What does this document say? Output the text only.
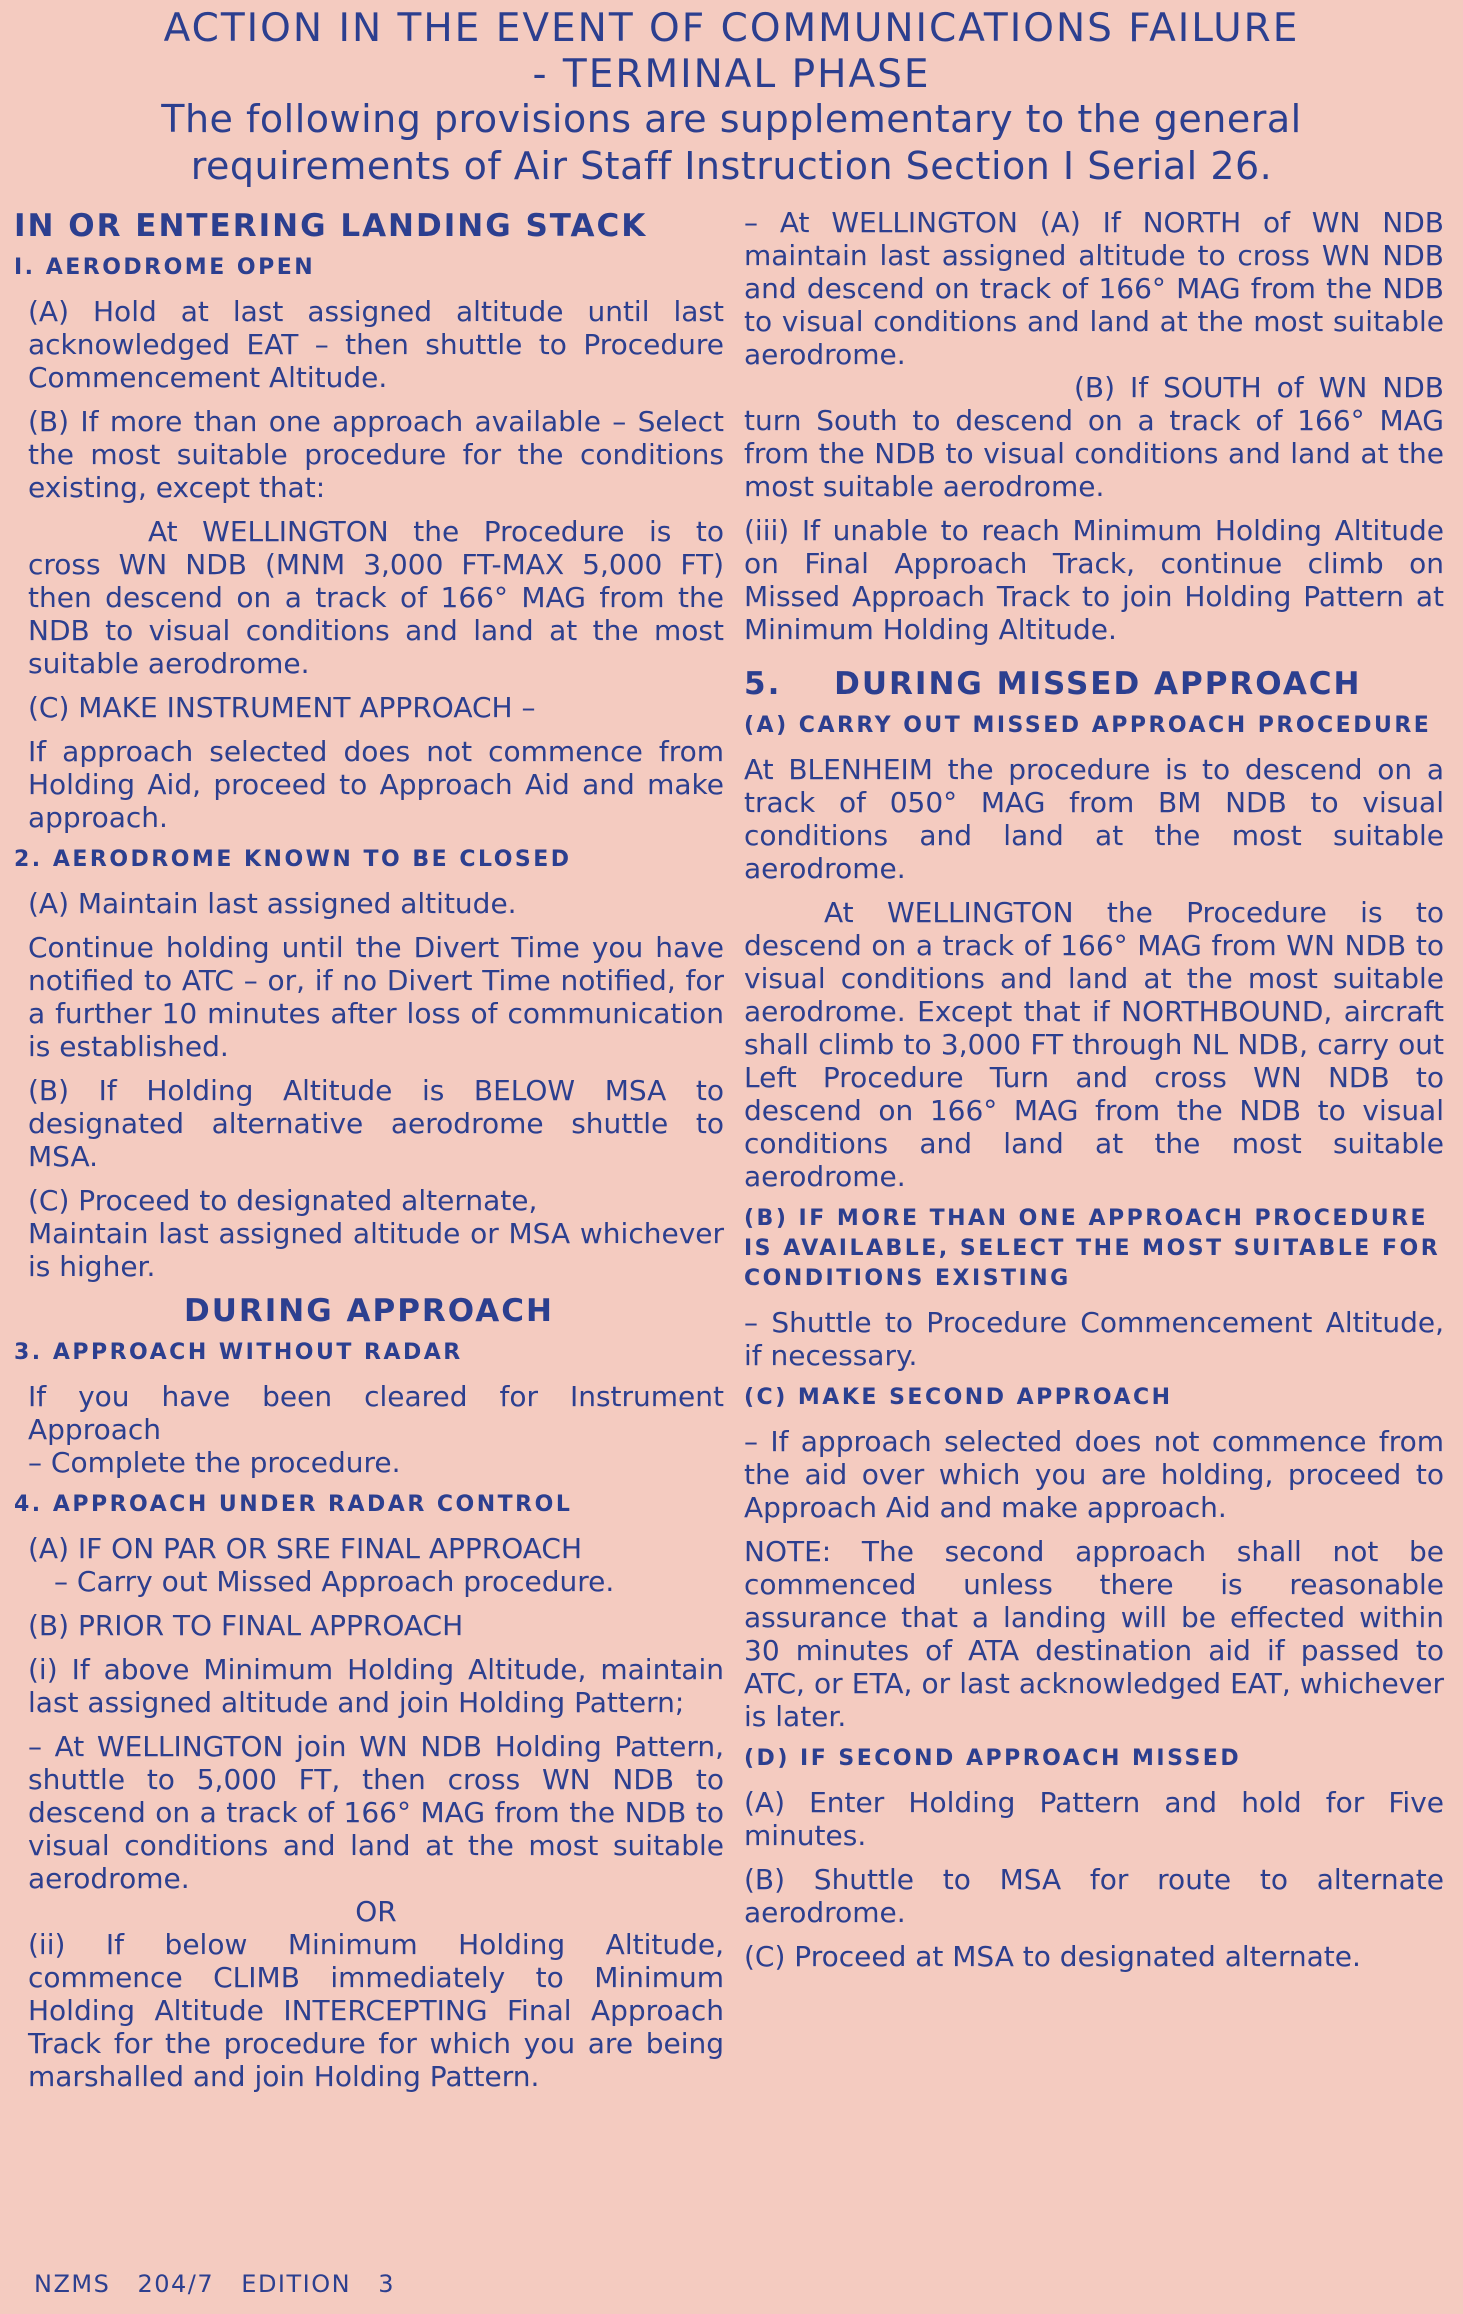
ACTION IN THE EVENT OF COMMUNICATIONS FAILURE
- TERMINAL PHASE
The following provisions are supplementary to the general
requirements of Air Staff Instruction Section I Serial 26.
IN OR ENTERING LANDING STACK
I. AERODROME OPEN

(A) Hold at last assigned altitude until last acknowledged EAT – then shuttle to Procedure Commencement Altitude.

(B) If more than one approach available – Select the most suitable procedure for the conditions existing, except that:

At WELLINGTON the Procedure is to cross WN NDB (MNM 3,000 FT-MAX 5,000 FT) then descend on a track of 166° MAG from the NDB to visual conditions and land at the most suitable aerodrome.

(C) MAKE INSTRUMENT APPROACH –

If approach selected does not commence from Holding Aid, proceed to Approach Aid and make approach.

2. AERODROME KNOWN TO BE CLOSED

(A) Maintain last assigned altitude.

Continue holding until the Divert Time you have notified to ATC – or, if no Divert Time notified, for a further 10 minutes after loss of communication is established.

(B) If Holding Altitude is BELOW MSA to designated alternative aerodrome shuttle to MSA.

(C) Proceed to designated alternate,

Maintain last assigned altitude or MSA whichever is higher.

DURING APPROACH
3. APPROACH WITHOUT RADAR

If you have been cleared for Instrument Approach

– Complete the procedure.

4. APPROACH UNDER RADAR CONTROL

(A) IF ON PAR OR SRE FINAL APPROACH

– Carry out Missed Approach procedure.

(B) PRIOR TO FINAL APPROACH

(i) If above Minimum Holding Altitude, maintain last assigned altitude and join Holding Pattern;

– At WELLINGTON join WN NDB Holding Pattern, shuttle to 5,000 FT, then cross WN NDB to descend on a track of 166° MAG from the NDB to visual conditions and land at the most suitable aerodrome.

OR

(ii) If below Minimum Holding Altitude, commence CLIMB immediately to Minimum Holding Altitude INTERCEPTING Final Approach Track for the procedure for which you are being marshalled and join Holding Pattern.

– At WELLINGTON (A) If NORTH of WN NDB maintain last assigned altitude to cross WN NDB and descend on track of 166° MAG from the NDB to visual conditions and land at the most suitable aerodrome.

(B) If SOUTH of WN NDB turn South to descend on a track of 166° MAG from the NDB to visual conditions and land at the most suitable aerodrome.

(iii) If unable to reach Minimum Holding Altitude on Final Approach Track, continue climb on Missed Approach Track to join Holding Pattern at Minimum Holding Altitude.

5. DURING MISSED APPROACH
(A) CARRY OUT MISSED APPROACH PROCEDURE

At BLENHEIM the procedure is to descend on a track of 050° MAG from BM NDB to visual conditions and land at the most suitable aerodrome.

At WELLINGTON the Procedure is to descend on a track of 166° MAG from WN NDB to visual conditions and land at the most suitable aerodrome. Except that if NORTHBOUND, aircraft shall climb to 3,000 FT through NL NDB, carry out Left Procedure Turn and cross WN NDB to descend on 166° MAG from the NDB to visual conditions and land at the most suitable aerodrome.

(B) IF MORE THAN ONE APPROACH PROCEDURE IS AVAILABLE, SELECT THE MOST SUITABLE FOR CONDITIONS EXISTING

– Shuttle to Procedure Commencement Altitude, if necessary.

(C) MAKE SECOND APPROACH

– If approach selected does not commence from the aid over which you are holding, proceed to Approach Aid and make approach.

NOTE: The second approach shall not be commenced unless there is reasonable assurance that a landing will be effected within 30 minutes of ATA destination aid if passed to ATC, or ETA, or last acknowledged EAT, whichever is later.

(D) IF SECOND APPROACH MISSED

(A) Enter Holding Pattern and hold for Five minutes.

(B) Shuttle to MSA for route to alternate aerodrome.

(C) Proceed at MSA to designated alternate.

NZMS 204/7 EDITION 3
